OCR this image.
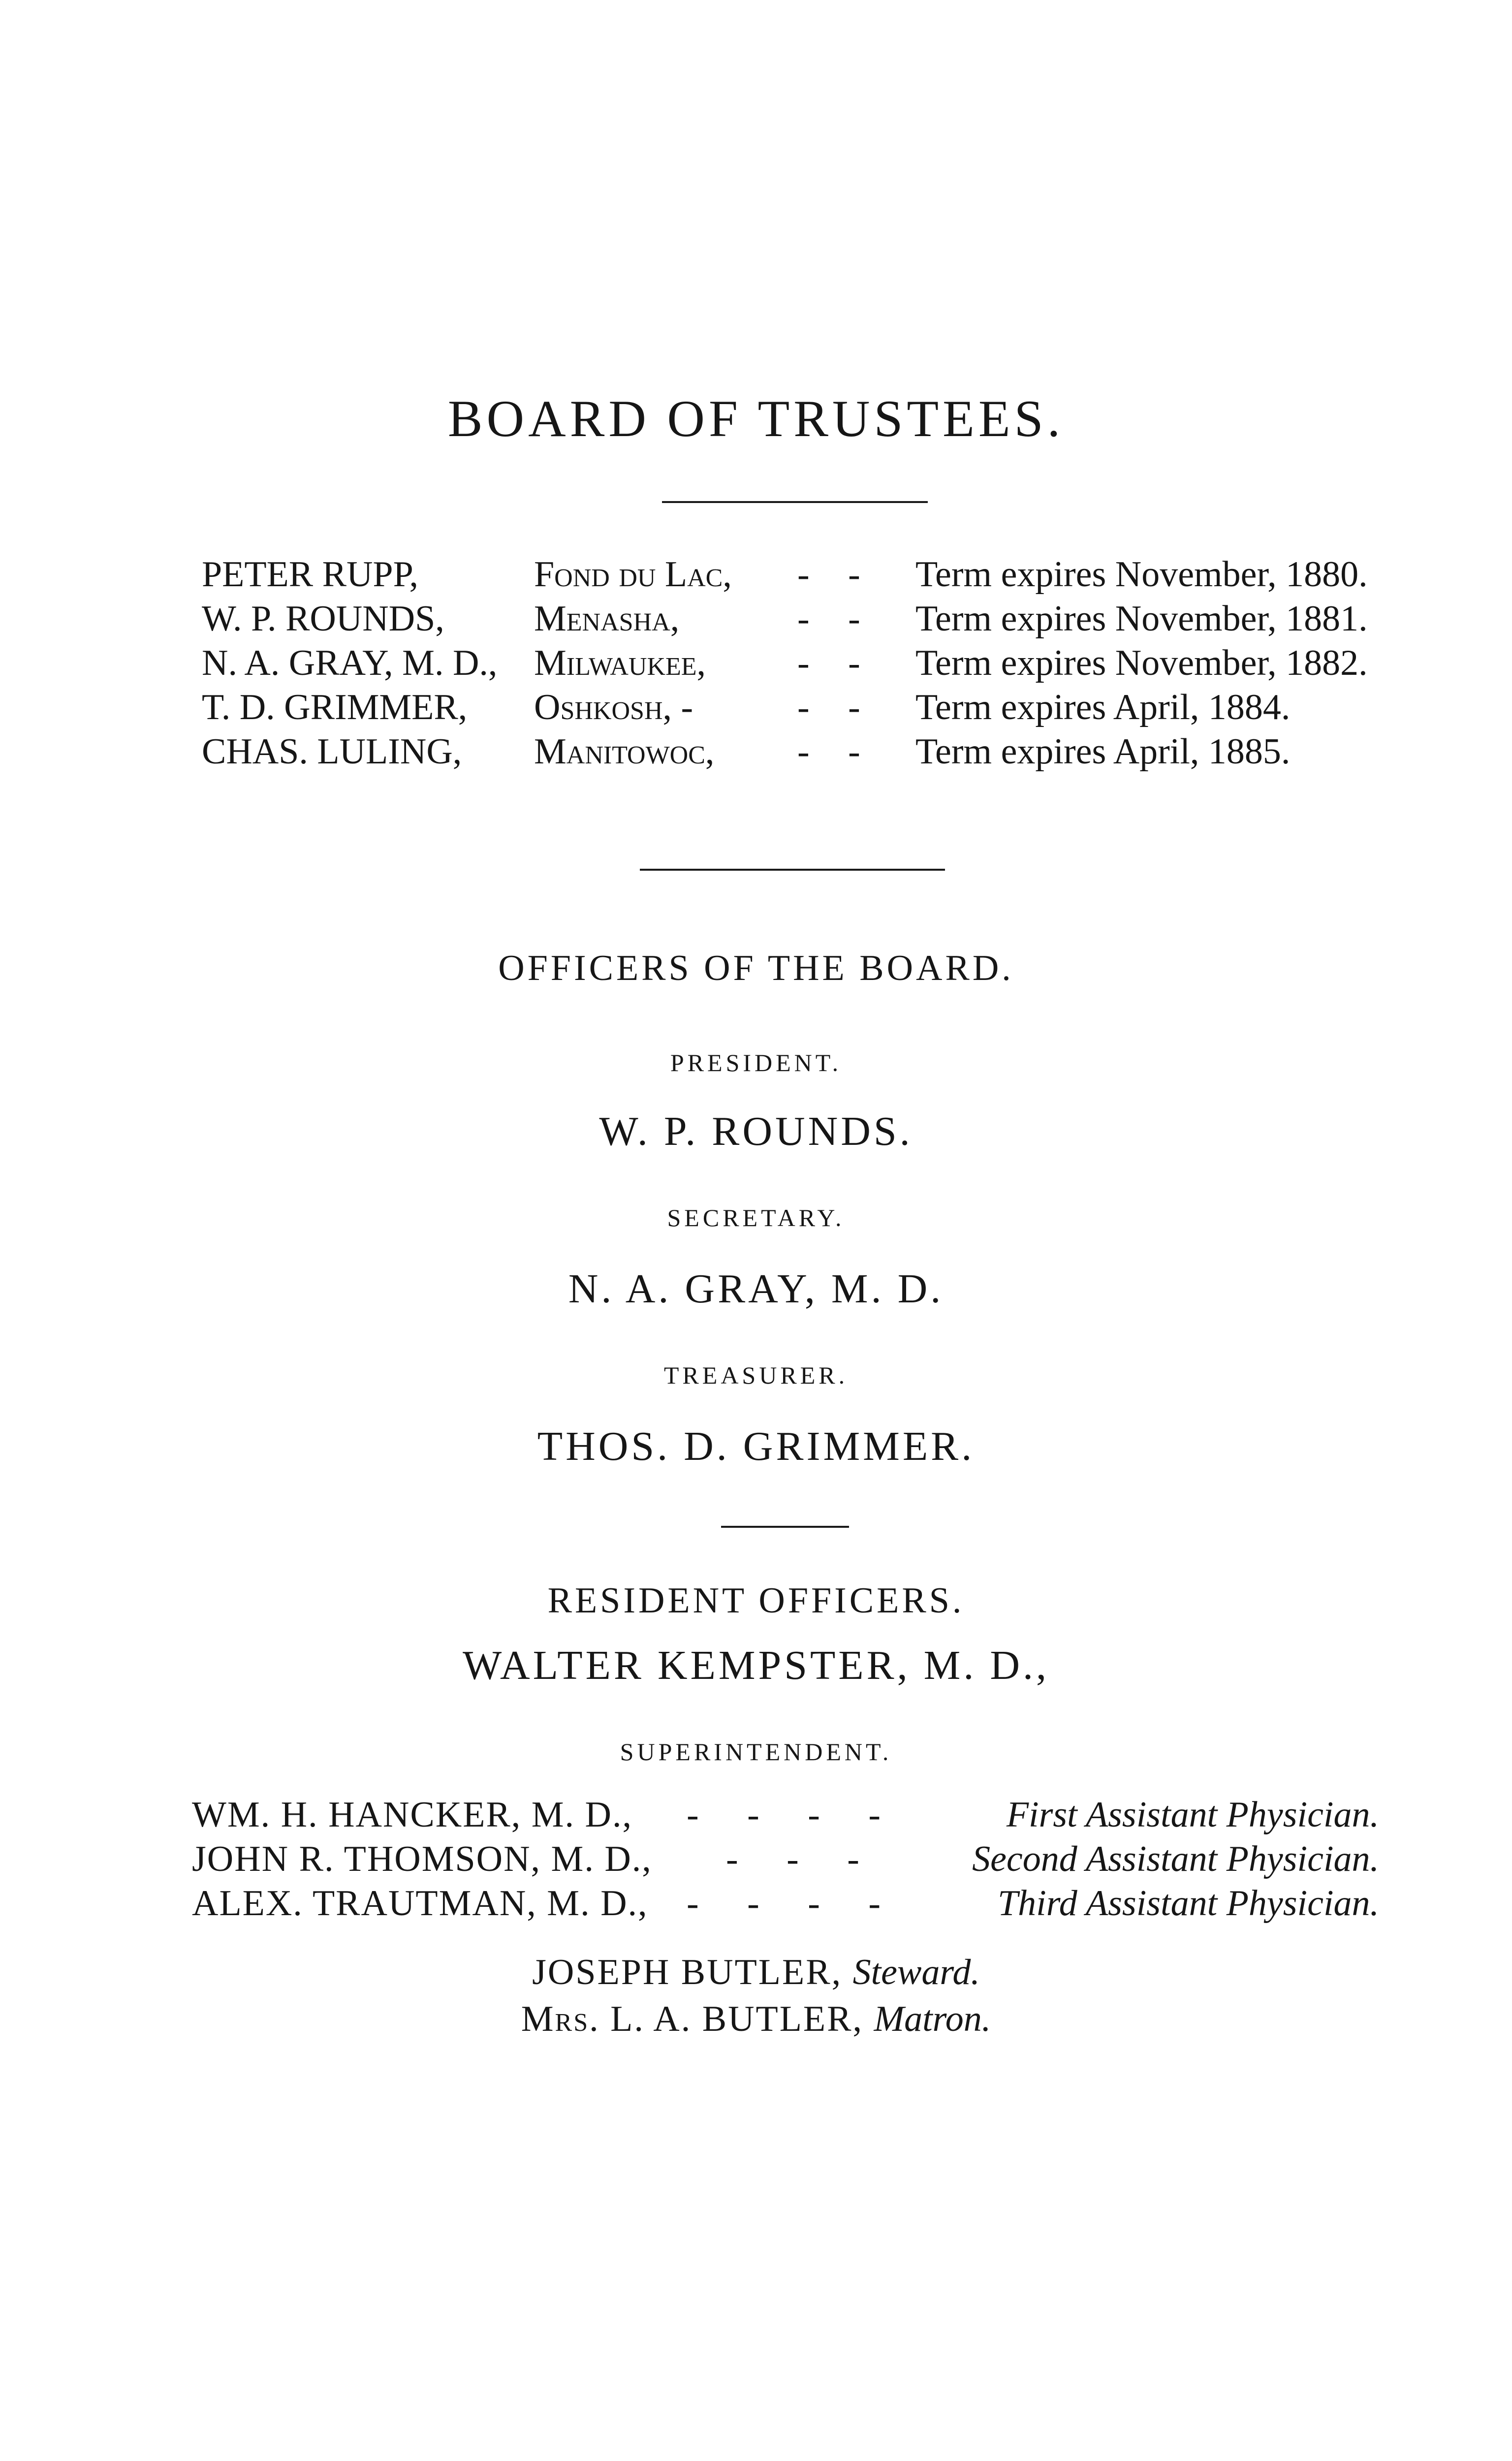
BOARD OF TRUSTEES.
PETER RUPP,	Fond du Lac, - -	Term expires November, 1880.
W. P. ROUNDS, Menasha,	- -	Term expires November, 1881.
N. A. GRAY, M. D., Milwaukee,	- -	Term expires November, 1882.
T. D. GRIMMER, Oshkosh, -	- -	Term expires April, 1884.
CHAS. LULING, Manitowoc, - -	Term expires April, 1885.
OFFICERS OF THE BOARD.
PRESIDENT.
W. P. ROUNDS.
SECRETARY.
N. A. GRAY, M. D.
TREASURER.
THOS. D. GRIMMER.
RESIDENT OFFICERS.
WALTER KEMPSTER, M. D.,
SUPERINTENDENT.
WM. H. HANCKER, M. D., - - - -	First Assistant Physician.
JOHN R. THOMSON, M. D., - - -	Second Assistant Physician.
ALEX. TRAUTMAN, M. D., - - - -	Third Assistant Physician.
JOSEPH BUTLER, Steward.
Mrs. L. A. BUTLER, Matron.
